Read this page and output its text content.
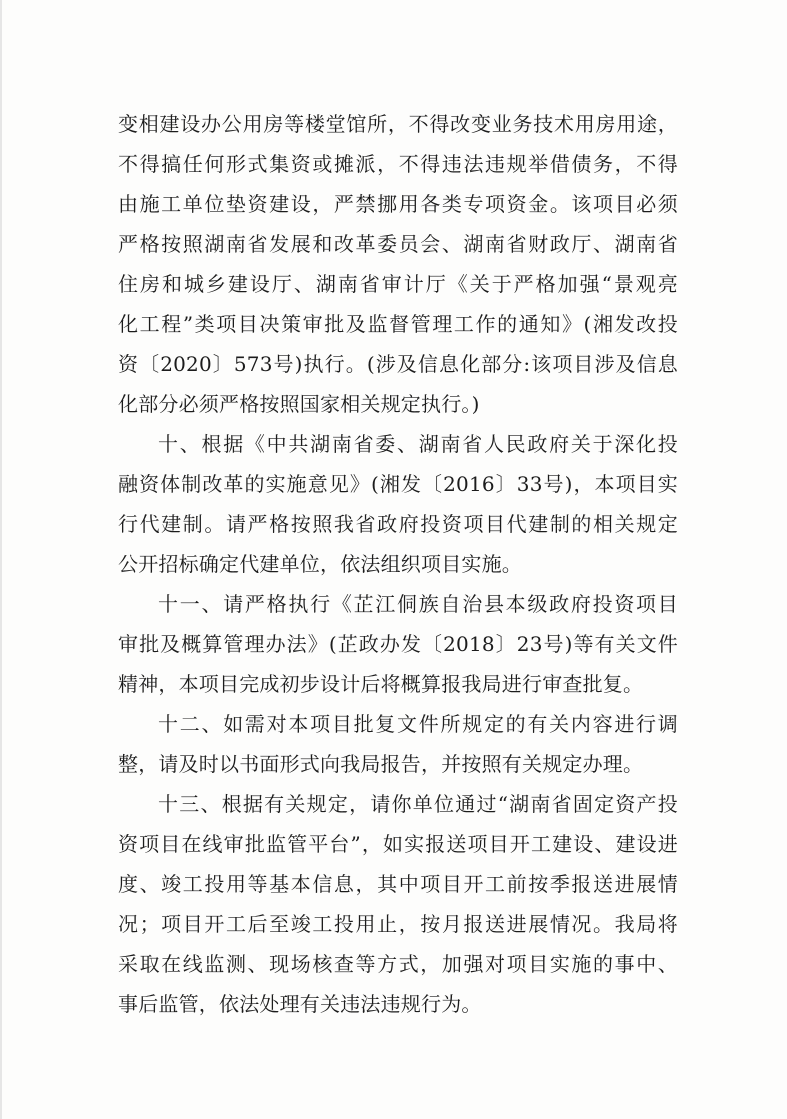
变相建设办公用房等楼堂馆所，不得改变业务技术用房用途，
不得搞任何形式集资或摊派，不得违法违规举借债务，不得
由施工单位垫资建设，严禁挪用各类专项资金。该项目必须
严格按照湖南省发展和改革委员会、湖南省财政厅、湖南省
住房和城乡建设厅、湖南省审计厅《关于严格加强“景观亮
化工程”类项目决策审批及监督管理工作的通知》(湘发改投
资〔2020〕573号)执行。(涉及信息化部分:该项目涉及信息
化部分必须严格按照国家相关规定执行。)
十、根据《中共湖南省委、湖南省人民政府关于深化投
融资体制改革的实施意见》(湘发〔2016〕33号)，本项目实
行代建制。请严格按照我省政府投资项目代建制的相关规定
公开招标确定代建单位，依法组织项目实施。
十一、请严格执行《芷江侗族自治县本级政府投资项目
审批及概算管理办法》(芷政办发〔2018〕23号)等有关文件
精神，本项目完成初步设计后将概算报我局进行审查批复。
十二、如需对本项目批复文件所规定的有关内容进行调
整，请及时以书面形式向我局报告，并按照有关规定办理。
十三、根据有关规定，请你单位通过“湖南省固定资产投
资项目在线审批监管平台”，如实报送项目开工建设、建设进
度、竣工投用等基本信息，其中项目开工前按季报送进展情
况；项目开工后至竣工投用止，按月报送进展情况。我局将
采取在线监测、现场核查等方式，加强对项目实施的事中、
事后监管，依法处理有关违法违规行为。
